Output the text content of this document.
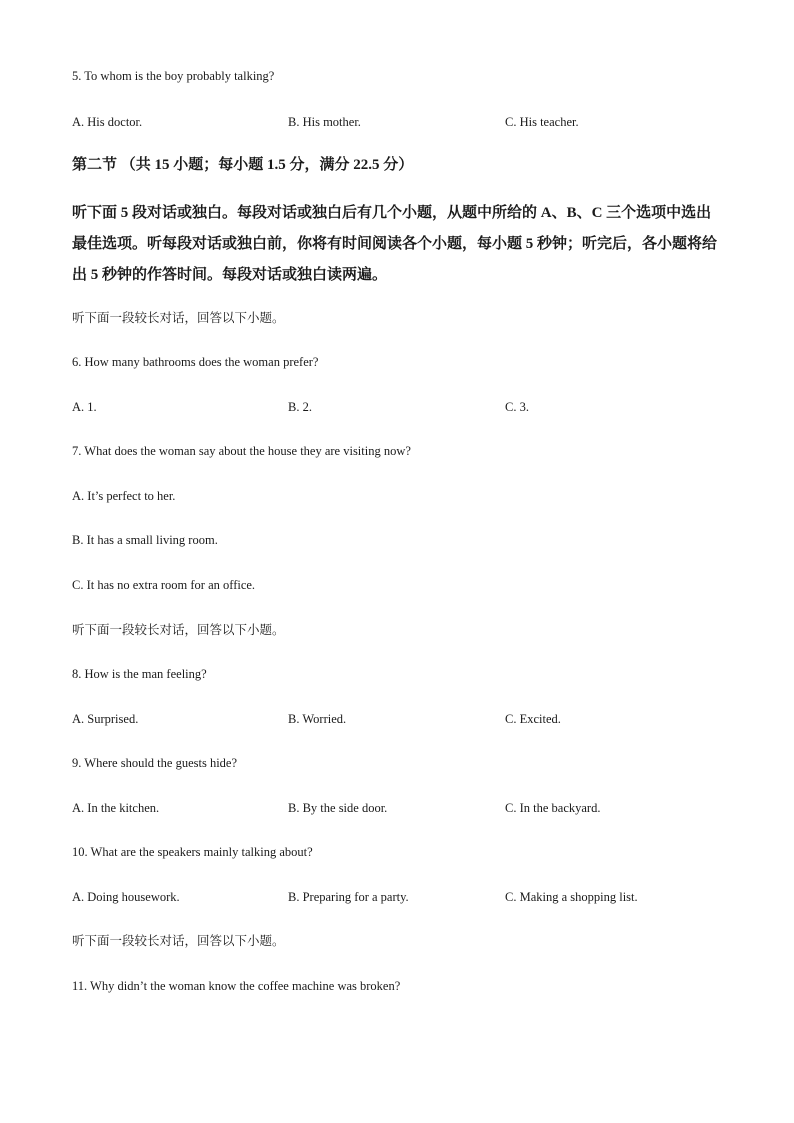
5. To whom is the boy probably talking?
A. His doctor.	B. His mother.	C. His teacher.
第二节 （共 15 小题；每小题 1.5 分，满分 22.5 分）
听下面 5 段对话或独白。每段对话或独白后有几个小题，从题中所给的 A、B、C 三个选项中选出最佳选项。听每段对话或独白前，你将有时间阅读各个小题，每小题 5 秒钟；听完后，各小题将给出 5 秒钟的作答时间。每段对话或独白读两遍。
听下面一段较长对话，回答以下小题。
6. How many bathrooms does the woman prefer?
A. 1.	B. 2.	C. 3.
7. What does the woman say about the house they are visiting now?
A. It’s perfect to her.
B. It has a small living room.
C. It has no extra room for an office.
听下面一段较长对话，回答以下小题。
8. How is the man feeling?
A. Surprised.	B. Worried.	C. Excited.
9. Where should the guests hide?
A. In the kitchen.	B. By the side door.	C. In the backyard.
10. What are the speakers mainly talking about?
A. Doing housework.	B. Preparing for a party.	C. Making a shopping list.
听下面一段较长对话，回答以下小题。
11. Why didn’t the woman know the coffee machine was broken?
